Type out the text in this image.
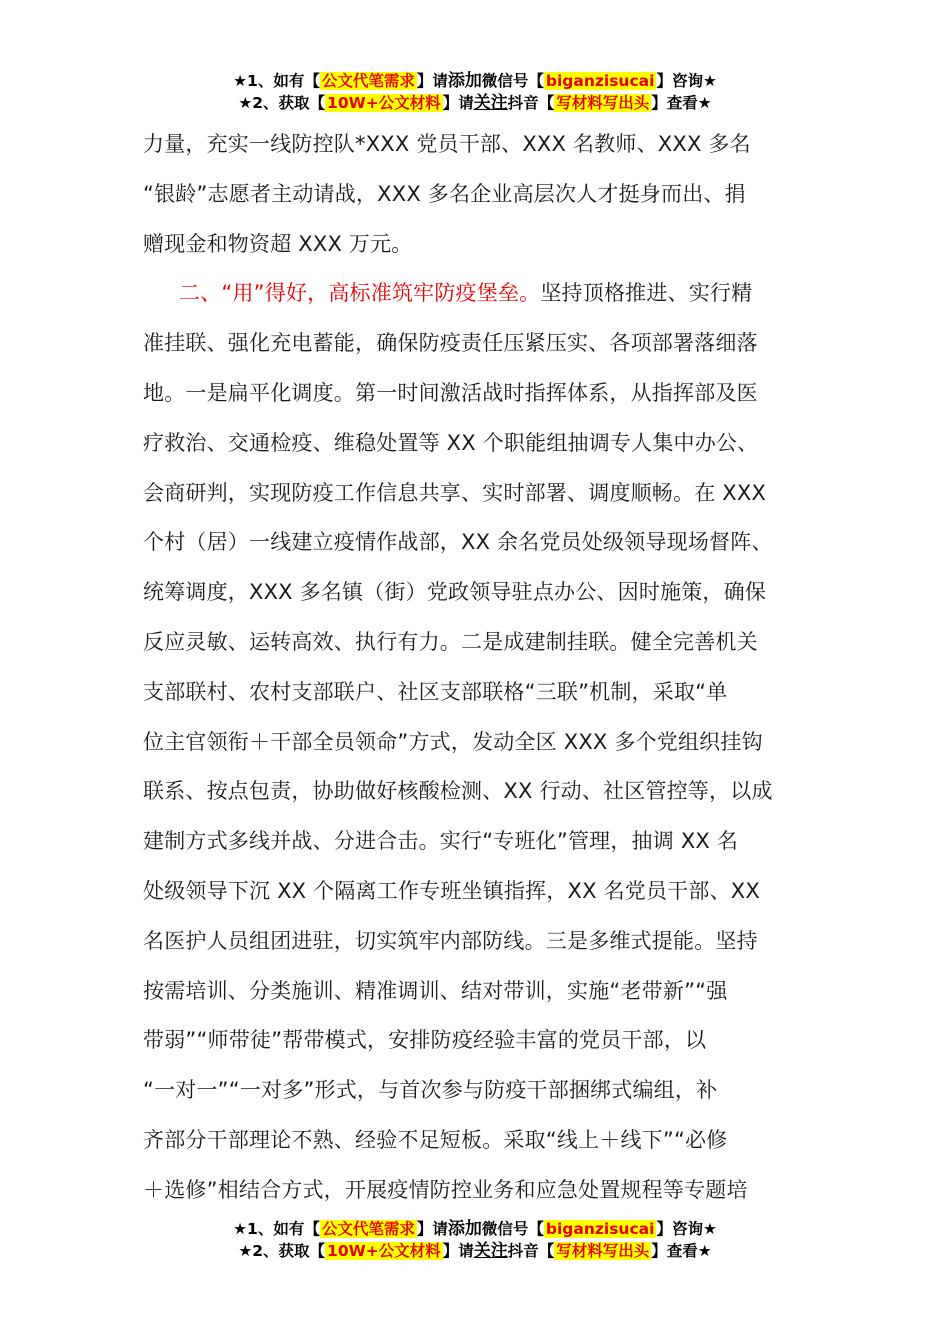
★1、如有【 公文代笔需求 】请添加微信号【 biganzisucai 】咨询★
★2、获取【 10W+公文材料 】请关注抖音【 写材料写出头 】查看★
力量，充实一线防控队*XXX 党员干部、XXX 名教师、XXX 多名
“银龄”志愿者主动请战，XXX 多名企业高层次人才挺身而出、捐
赠现金和物资超 XXX 万元。
二、“用”得好，高标准筑牢防疫堡垒。坚持顶格推进、实行精
准挂联、强化充电蓄能，确保防疫责任压紧压实、各项部署落细落
地。一是扁平化调度。第一时间激活战时指挥体系，从指挥部及医
疗救治、交通检疫、维稳处置等 XX 个职能组抽调专人集中办公、
会商研判，实现防疫工作信息共享、实时部署、调度顺畅。在 XXX
个村（居）一线建立疫情作战部，XX 余名党员处级领导现场督阵、
统筹调度，XXX 多名镇（街）党政领导驻点办公、因时施策，确保
反应灵敏、运转高效、执行有力。二是成建制挂联。健全完善机关
支部联村、农村支部联户、社区支部联格“三联”机制，采取“单
位主官领衔＋干部全员领命”方式，发动全区 XXX 多个党组织挂钩
联系、按点包责，协助做好核酸检测、XX 行动、社区管控等，以成
建制方式多线并战、分进合击。实行“专班化”管理，抽调 XX 名
处级领导下沉 XX 个隔离工作专班坐镇指挥，XX 名党员干部、XX
名医护人员组团进驻，切实筑牢内部防线。三是多维式提能。坚持
按需培训、分类施训、精准调训、结对带训，实施“老带新”“强
带弱”“师带徒”帮带模式，安排防疫经验丰富的党员干部，以
“一对一”“一对多”形式，与首次参与防疫干部捆绑式编组，补
齐部分干部理论不熟、经验不足短板。采取“线上＋线下”“必修
＋选修”相结合方式，开展疫情防控业务和应急处置规程等专题培
★1、如有【 公文代笔需求 】请添加微信号【 biganzisucai 】咨询★
★2、获取【 10W+公文材料 】请关注抖音【 写材料写出头 】查看★
